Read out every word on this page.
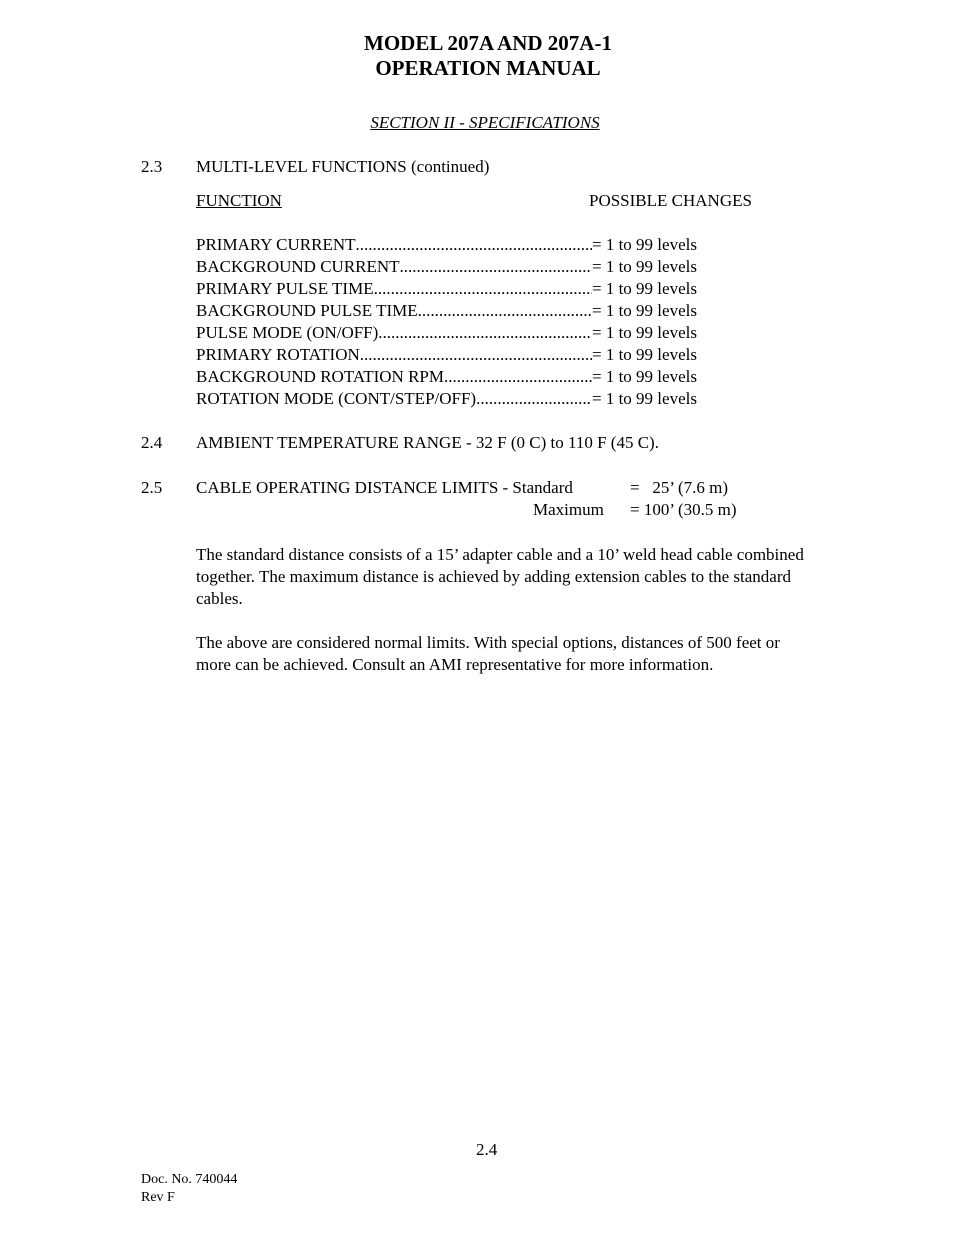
MODEL 207A AND 207A-1
OPERATION MANUAL
SECTION II - SPECIFICATIONS
2.3 MULTI-LEVEL FUNCTIONS (continued)
FUNCTION	POSSIBLE CHANGES
PRIMARY CURRENT .....	= 1 to 99 levels
BACKGROUND CURRENT .....	= 1 to 99 levels
PRIMARY PULSE TIME .....	= 1 to 99 levels
BACKGROUND PULSE TIME .....	= 1 to 99 levels
PULSE MODE (ON/OFF) .....	= 1 to 99 levels
PRIMARY ROTATION .....	= 1 to 99 levels
BACKGROUND ROTATION RPM .....	= 1 to 99 levels
ROTATION MODE (CONT/STEP/OFF) .....	= 1 to 99 levels
2.4 AMBIENT TEMPERATURE RANGE - 32 F (0 C) to 110 F (45 C).
2.5 CABLE OPERATING DISTANCE LIMITS - Standard	=   25’ (7.6 m)
Maximum = 100’ (30.5 m)
The standard distance consists of a 15’ adapter cable and a 10’ weld head cable combined together. The maximum distance is achieved by adding extension cables to the standard cables.
The above are considered normal limits. With special options, distances of 500 feet or more can be achieved. Consult an AMI representative for more information.
2.4
Doc. No. 740044
Rev F
